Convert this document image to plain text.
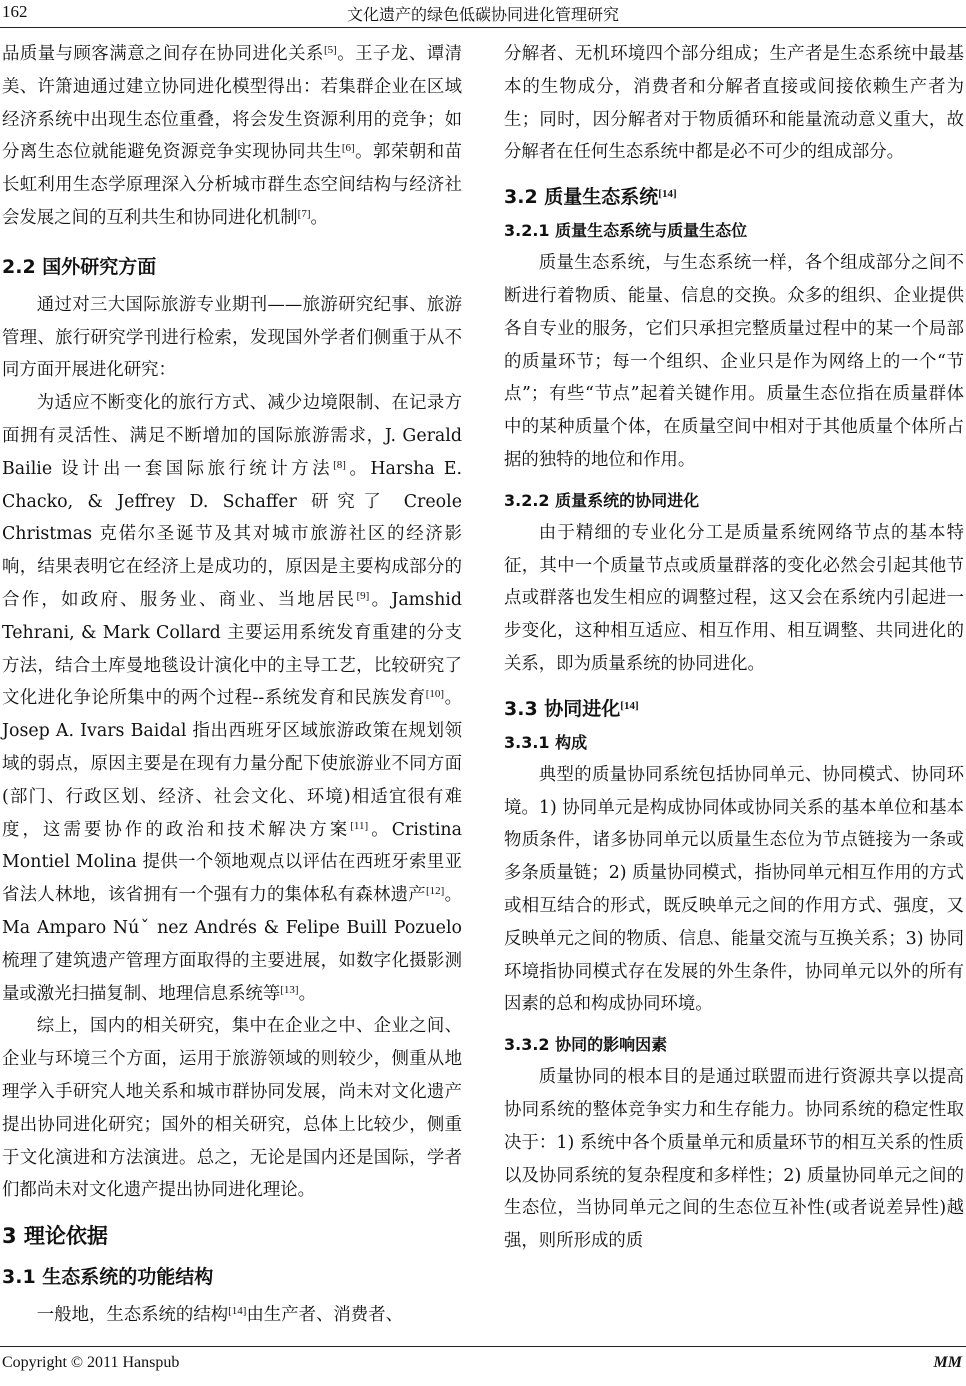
162	文化遗产的绿色低碳协同进化管理研究

品质量与顾客满意之间存在协同进化关系[5]。王子龙、谭清美、许箫迪通过建立协同进化模型得出：若集群企业在区域经济系统中出现生态位重叠，将会发生资源利用的竞争；如分离生态位就能避免资源竞争实现协同共生[6]。郭荣朝和苗长虹利用生态学原理深入分析城市群生态空间结构与经济社会发展之间的互利共生和协同进化机制[7]。

2.2 国外研究方面

通过对三大国际旅游专业期刊——旅游研究纪事、旅游管理、旅行研究学刊进行检索，发现国外学者们侧重于从不同方面开展进化研究：

为适应不断变化的旅行方式、减少边境限制、在记录方面拥有灵活性、满足不断增加的国际旅游需求，J. Gerald Bailie 设计出一套国际旅行统计方法[8]。Harsha E. Chacko, & Jeffrey D. Schaffer 研究了 Creole Christmas 克偌尔圣诞节及其对城市旅游社区的经济影响，结果表明它在经济上是成功的，原因是主要构成部分的合作，如政府、服务业、商业、当地居民[9]。Jamshid Tehrani, & Mark Collard 主要运用系统发育重建的分支方法，结合土库曼地毯设计演化中的主导工艺，比较研究了文化进化争论所集中的两个过程--系统发育和民族发育[10]。Josep A. Ivars Baidal 指出西班牙区域旅游政策在规划领域的弱点，原因主要是在现有力量分配下使旅游业不同方面(部门、行政区划、经济、社会文化、环境)相适宜很有难度，这需要协作的政治和技术解决方案[11]。Cristina Montiel Molina 提供一个领地观点以评估在西班牙索里亚省法人林地，该省拥有一个强有力的集体私有森林遗产[12]。Ma Amparo Núˇ nez Andrés & Felipe Buill Pozuelo 梳理了建筑遗产管理方面取得的主要进展，如数字化摄影测量或激光扫描复制、地理信息系统等[13]。

综上，国内的相关研究，集中在企业之中、企业之间、企业与环境三个方面，运用于旅游领域的则较少，侧重从地理学入手研究人地关系和城市群协同发展，尚未对文化遗产提出协同进化研究；国外的相关研究，总体上比较少，侧重于文化演进和方法演进。总之，无论是国内还是国际，学者们都尚未对文化遗产提出协同进化理论。

3 理论依据

3.1 生态系统的功能结构

一般地，生态系统的结构[14]由生产者、消费者、

分解者、无机环境四个部分组成；生产者是生态系统中最基本的生物成分，消费者和分解者直接或间接依赖生产者为生；同时，因分解者对于物质循环和能量流动意义重大，故分解者在任何生态系统中都是必不可少的组成部分。

3.2 质量生态系统[14]

3.2.1 质量生态系统与质量生态位

质量生态系统，与生态系统一样，各个组成部分之间不断进行着物质、能量、信息的交换。众多的组织、企业提供各自专业的服务，它们只承担完整质量过程中的某一个局部的质量环节；每一个组织、企业只是作为网络上的一个“节点”；有些“节点”起着关键作用。质量生态位指在质量群体中的某种质量个体，在质量空间中相对于其他质量个体所占据的独特的地位和作用。

3.2.2 质量系统的协同进化

由于精细的专业化分工是质量系统网络节点的基本特征，其中一个质量节点或质量群落的变化必然会引起其他节点或群落也发生相应的调整过程，这又会在系统内引起进一步变化，这种相互适应、相互作用、相互调整、共同进化的关系，即为质量系统的协同进化。

3.3 协同进化[14]

3.3.1 构成

典型的质量协同系统包括协同单元、协同模式、协同环境。1) 协同单元是构成协同体或协同关系的基本单位和基本物质条件，诸多协同单元以质量生态位为节点链接为一条或多条质量链；2) 质量协同模式，指协同单元相互作用的方式或相互结合的形式，既反映单元之间的作用方式、强度，又反映单元之间的物质、信息、能量交流与互换关系；3) 协同环境指协同模式存在发展的外生条件，协同单元以外的所有因素的总和构成协同环境。

3.3.2 协同的影响因素

质量协同的根本目的是通过联盟而进行资源共享以提高协同系统的整体竞争实力和生存能力。协同系统的稳定性取决于：1) 系统中各个质量单元和质量环节的相互关系的性质以及协同系统的复杂程度和多样性；2) 质量协同单元之间的生态位，当协同单元之间的生态位互补性(或者说差异性)越强，则所形成的质

Copyright © 2011 Hanspub	MM
